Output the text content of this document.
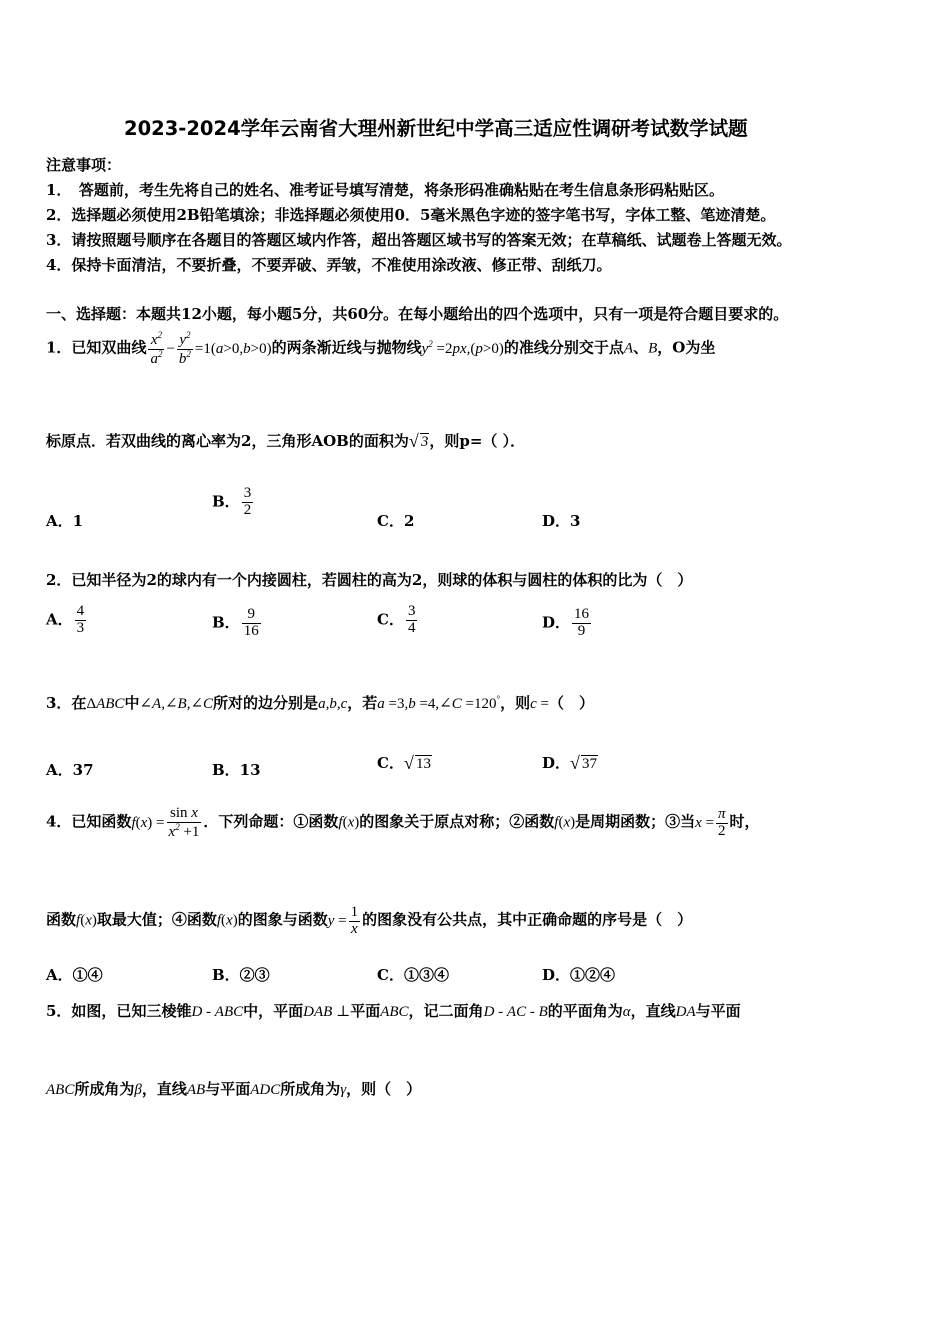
2023-2024学年云南省大理州新世纪中学高三适应性调研考试数学试题
注意事项：
1．　答题前，考生先将自己的姓名、准考证号填写清楚，将条形码准确粘贴在考生信息条形码粘贴区。
2．选择题必须使用2B铅笔填涂；非选择题必须使用0．5毫米黑色字迹的签字笔书写，字体工整、笔迹清楚。
3．请按照题号顺序在各题目的答题区域内作答，超出答题区域书写的答案无效；在草稿纸、试题卷上答题无效。
4．保持卡面清洁，不要折叠，不要弄破、弄皱，不准使用涂改液、修正带、刮纸刀。
一、选择题：本题共12小题，每小题5分，共60分。在每小题给出的四个选项中，只有一项是符合题目要求的。
1．已知双曲线 $\frac{x^2}{a^2} - \frac{y^2}{b^2} =1(a>0,b>0)$的两条渐近线与抛物线$y^2 =2px,(p>0)$的准线分别交于点A、B，O为坐
标原点．若双曲线的离心率为2，三角形AOB的面积为 √ 3，则p=（ ）．
A．1
B． $\frac{3}{2}$
C．2	D．3
2．已知半径为2的球内有一个内接圆柱，若圆柱的高为2，则球的体积与圆柱的体积的比为（　）
A． $\frac{4}{3}$	B． $\frac{9}{16}$	C． $\frac{3}{4}$	D． $\frac{16}{9}$
3．在ΔABC中∠A,∠B,∠C所对的边分别是a,b,c，若a =3,b =4,∠C =120°，则c =（　）
A．37	B．13	C． √ 13	D． √ 37
4．已知函数$f(x) = \frac{\text{sin x}}{x^2 +1}$ ．下列命题：①函数f(x)的图象关于原点对称；②函数f(x)是周期函数；③当$x = \frac{\pi}{2}$ 时，
函数f(x)取最大值；④函数f(x)的图象与函数$y = \frac{1}{x}$ 的图象没有公共点，其中正确命题的序号是（　）
A．①④	B．②③	C．①③④	D．①②④
5．如图，已知三棱锥D - ABC中，平面DAB ⊥平面ABC，记二面角D - AC - B的平面角为α，直线DA与平面
ABC所成角为β，直线AB与平面ADC所成角为γ，则（　）
